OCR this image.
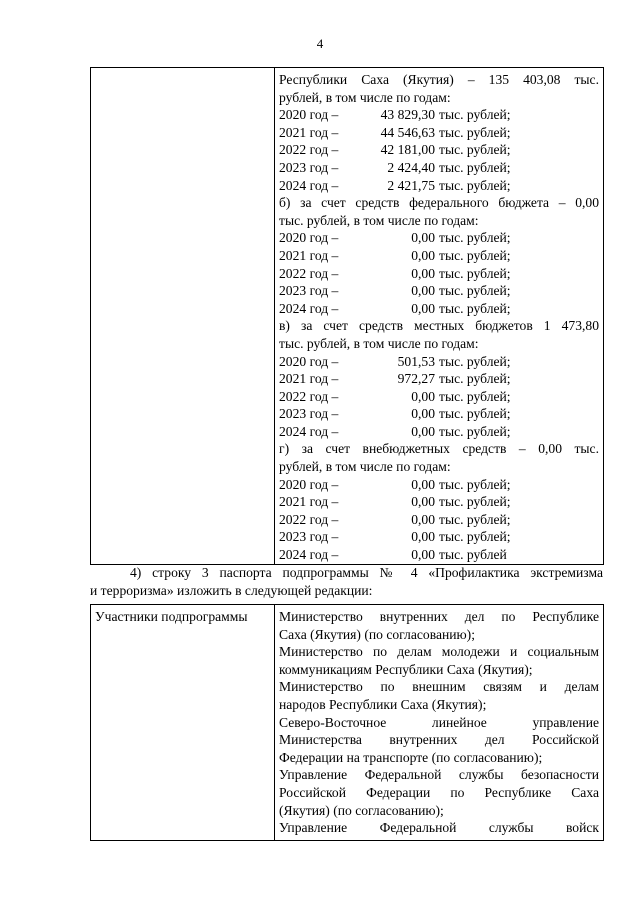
4

Республики Саха (Якутия) – 135 403,08 тыс.
рублей, в том числе по годам:
2020 год –	43 829,30 тыс. рублей;
2021 год –	44 546,63 тыс. рублей;
2022 год –	42 181,00 тыс. рублей;
2023 год –	2 424,40 тыс. рублей;
2024 год –	2 421,75 тыс. рублей;
б) за счет средств федерального бюджета – 0,00
тыс. рублей, в том числе по годам:
2020 год –	0,00 тыс. рублей;
2021 год –	0,00 тыс. рублей;
2022 год –	0,00 тыс. рублей;
2023 год –	0,00 тыс. рублей;
2024 год –	0,00 тыс. рублей;
в) за счет средств местных бюджетов 1 473,80
тыс. рублей, в том числе по годам:
2020 год –	501,53 тыс. рублей;
2021 год –	972,27 тыс. рублей;
2022 год –	0,00 тыс. рублей;
2023 год –	0,00 тыс. рублей;
2024 год –	0,00 тыс. рублей;
г) за счет внебюджетных средств – 0,00 тыс.
рублей, в том числе по годам:
2020 год –	0,00 тыс. рублей;
2021 год –	0,00 тыс. рублей;
2022 год –	0,00 тыс. рублей;
2023 год –	0,00 тыс. рублей;
2024 год –	0,00 тыс. рублей
4) строку 3 паспорта подпрограммы № 4 «Профилактика экстремизма
и терроризма» изложить в следующей редакции:
Участники подпрограммы	Министерство внутренних дел по Республике
Саха (Якутия) (по согласованию);
Министерство по делам молодежи и социальным
коммуникациям Республики Саха (Якутия);
Министерство по внешним связям и делам
народов Республики Саха (Якутия);
Северо-Восточное линейное управление
Министерства внутренних дел Российской
Федерации на транспорте (по согласованию);
Управление Федеральной службы безопасности
Российской Федерации по Республике Саха
(Якутия) (по согласованию);
Управление Федеральной службы войск
